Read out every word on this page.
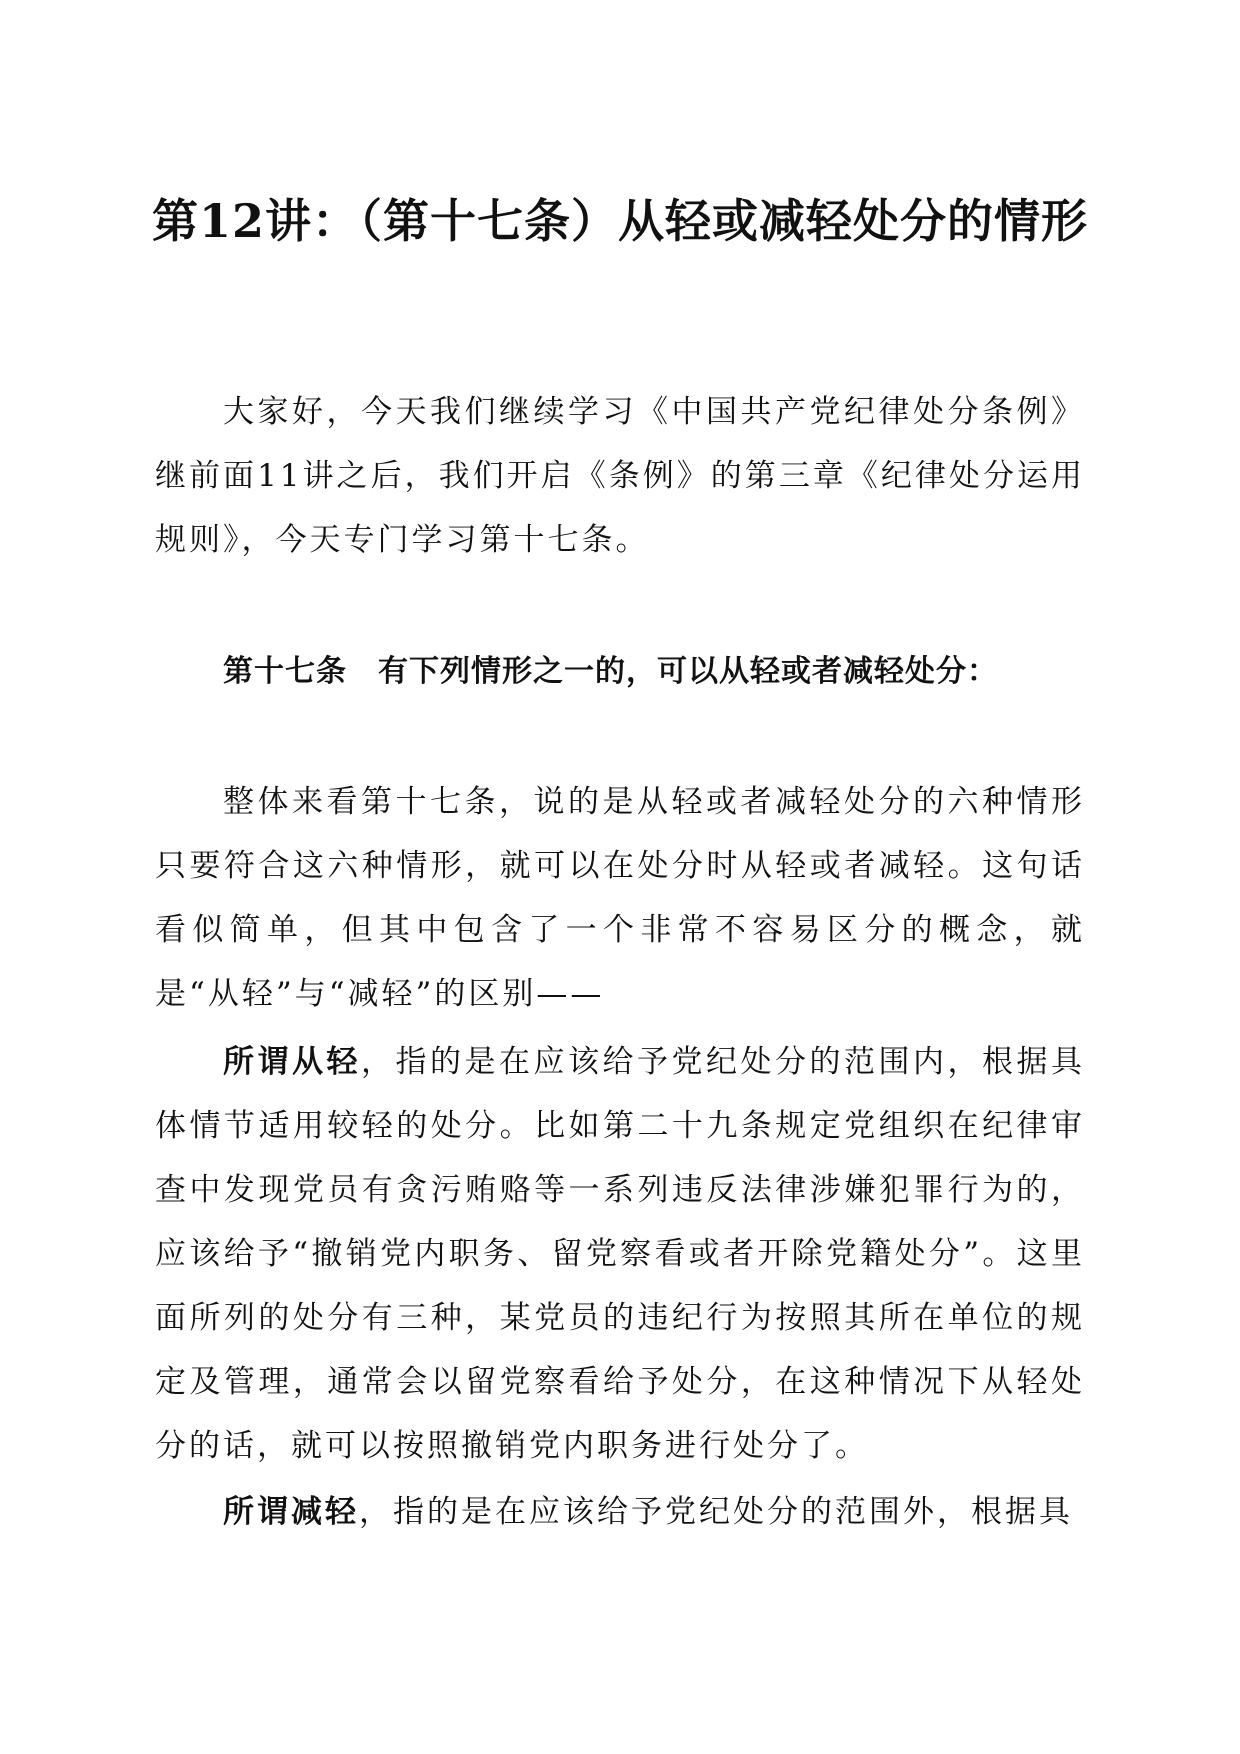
第12讲：（第十七条）从轻或减轻处分的情形

大家好，今天我们继续学习《中国共产党纪律处分条例》继前面11讲之后，我们开启《条例》的第三章《纪律处分运用规则》，今天专门学习第十七条。

第十七条　有下列情形之一的，可以从轻或者减轻处分：

整体来看第十七条，说的是从轻或者减轻处分的六种情形只要符合这六种情形，就可以在处分时从轻或者减轻。这句话看似简单，但其中包含了一个非常不容易区分的概念，就是“从轻”与“减轻”的区别——

所谓从轻，指的是在应该给予党纪处分的范围内，根据具体情节适用较轻的处分。比如第二十九条规定党组织在纪律审查中发现党员有贪污贿赂等一系列违反法律涉嫌犯罪行为的，应该给予“撤销党内职务、留党察看或者开除党籍处分”。这里面所列的处分有三种，某党员的违纪行为按照其所在单位的规定及管理，通常会以留党察看给予处分，在这种情况下从轻处分的话，就可以按照撤销党内职务进行处分了。

所谓减轻，指的是在应该给予党纪处分的范围外，根据具
